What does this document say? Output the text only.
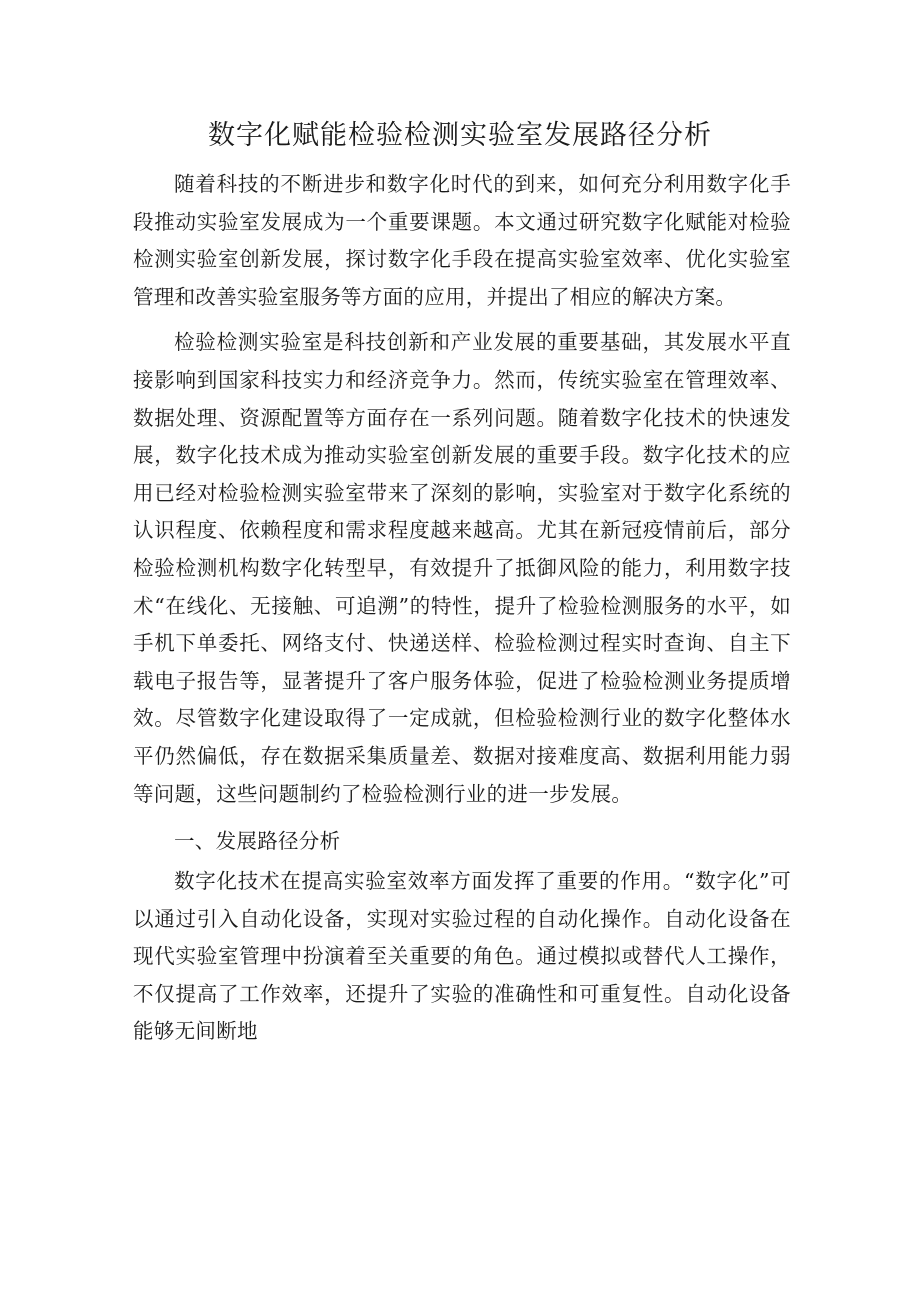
数字化赋能检验检测实验室发展路径分析

随着科技的不断进步和数字化时代的到来，如何充分利用数字化手段推动实验室发展成为一个重要课题。本文通过研究数字化赋能对检验检测实验室创新发展，探讨数字化手段在提高实验室效率、优化实验室管理和改善实验室服务等方面的应用，并提出了相应的解决方案。

检验检测实验室是科技创新和产业发展的重要基础，其发展水平直接影响到国家科技实力和经济竞争力。然而，传统实验室在管理效率、数据处理、资源配置等方面存在一系列问题。随着数字化技术的快速发展，数字化技术成为推动实验室创新发展的重要手段。数字化技术的应用已经对检验检测实验室带来了深刻的影响，实验室对于数字化系统的认识程度、依赖程度和需求程度越来越高。尤其在新冠疫情前后，部分检验检测机构数字化转型早，有效提升了抵御风险的能力，利用数字技术“在线化、无接触、可追溯”的特性，提升了检验检测服务的水平，如手机下单委托、网络支付、快递送样、检验检测过程实时查询、自主下载电子报告等，显著提升了客户服务体验，促进了检验检测业务提质增效。尽管数字化建设取得了一定成就，但检验检测行业的数字化整体水平仍然偏低，存在数据采集质量差、数据对接难度高、数据利用能力弱等问题，这些问题制约了检验检测行业的进一步发展。

一、发展路径分析

数字化技术在提高实验室效率方面发挥了重要的作用。“数字化”可以通过引入自动化设备，实现对实验过程的自动化操作。自动化设备在现代实验室管理中扮演着至关重要的角色。通过模拟或替代人工操作，不仅提高了工作效率，还提升了实验的准确性和可重复性。自动化设备能够无间断地
